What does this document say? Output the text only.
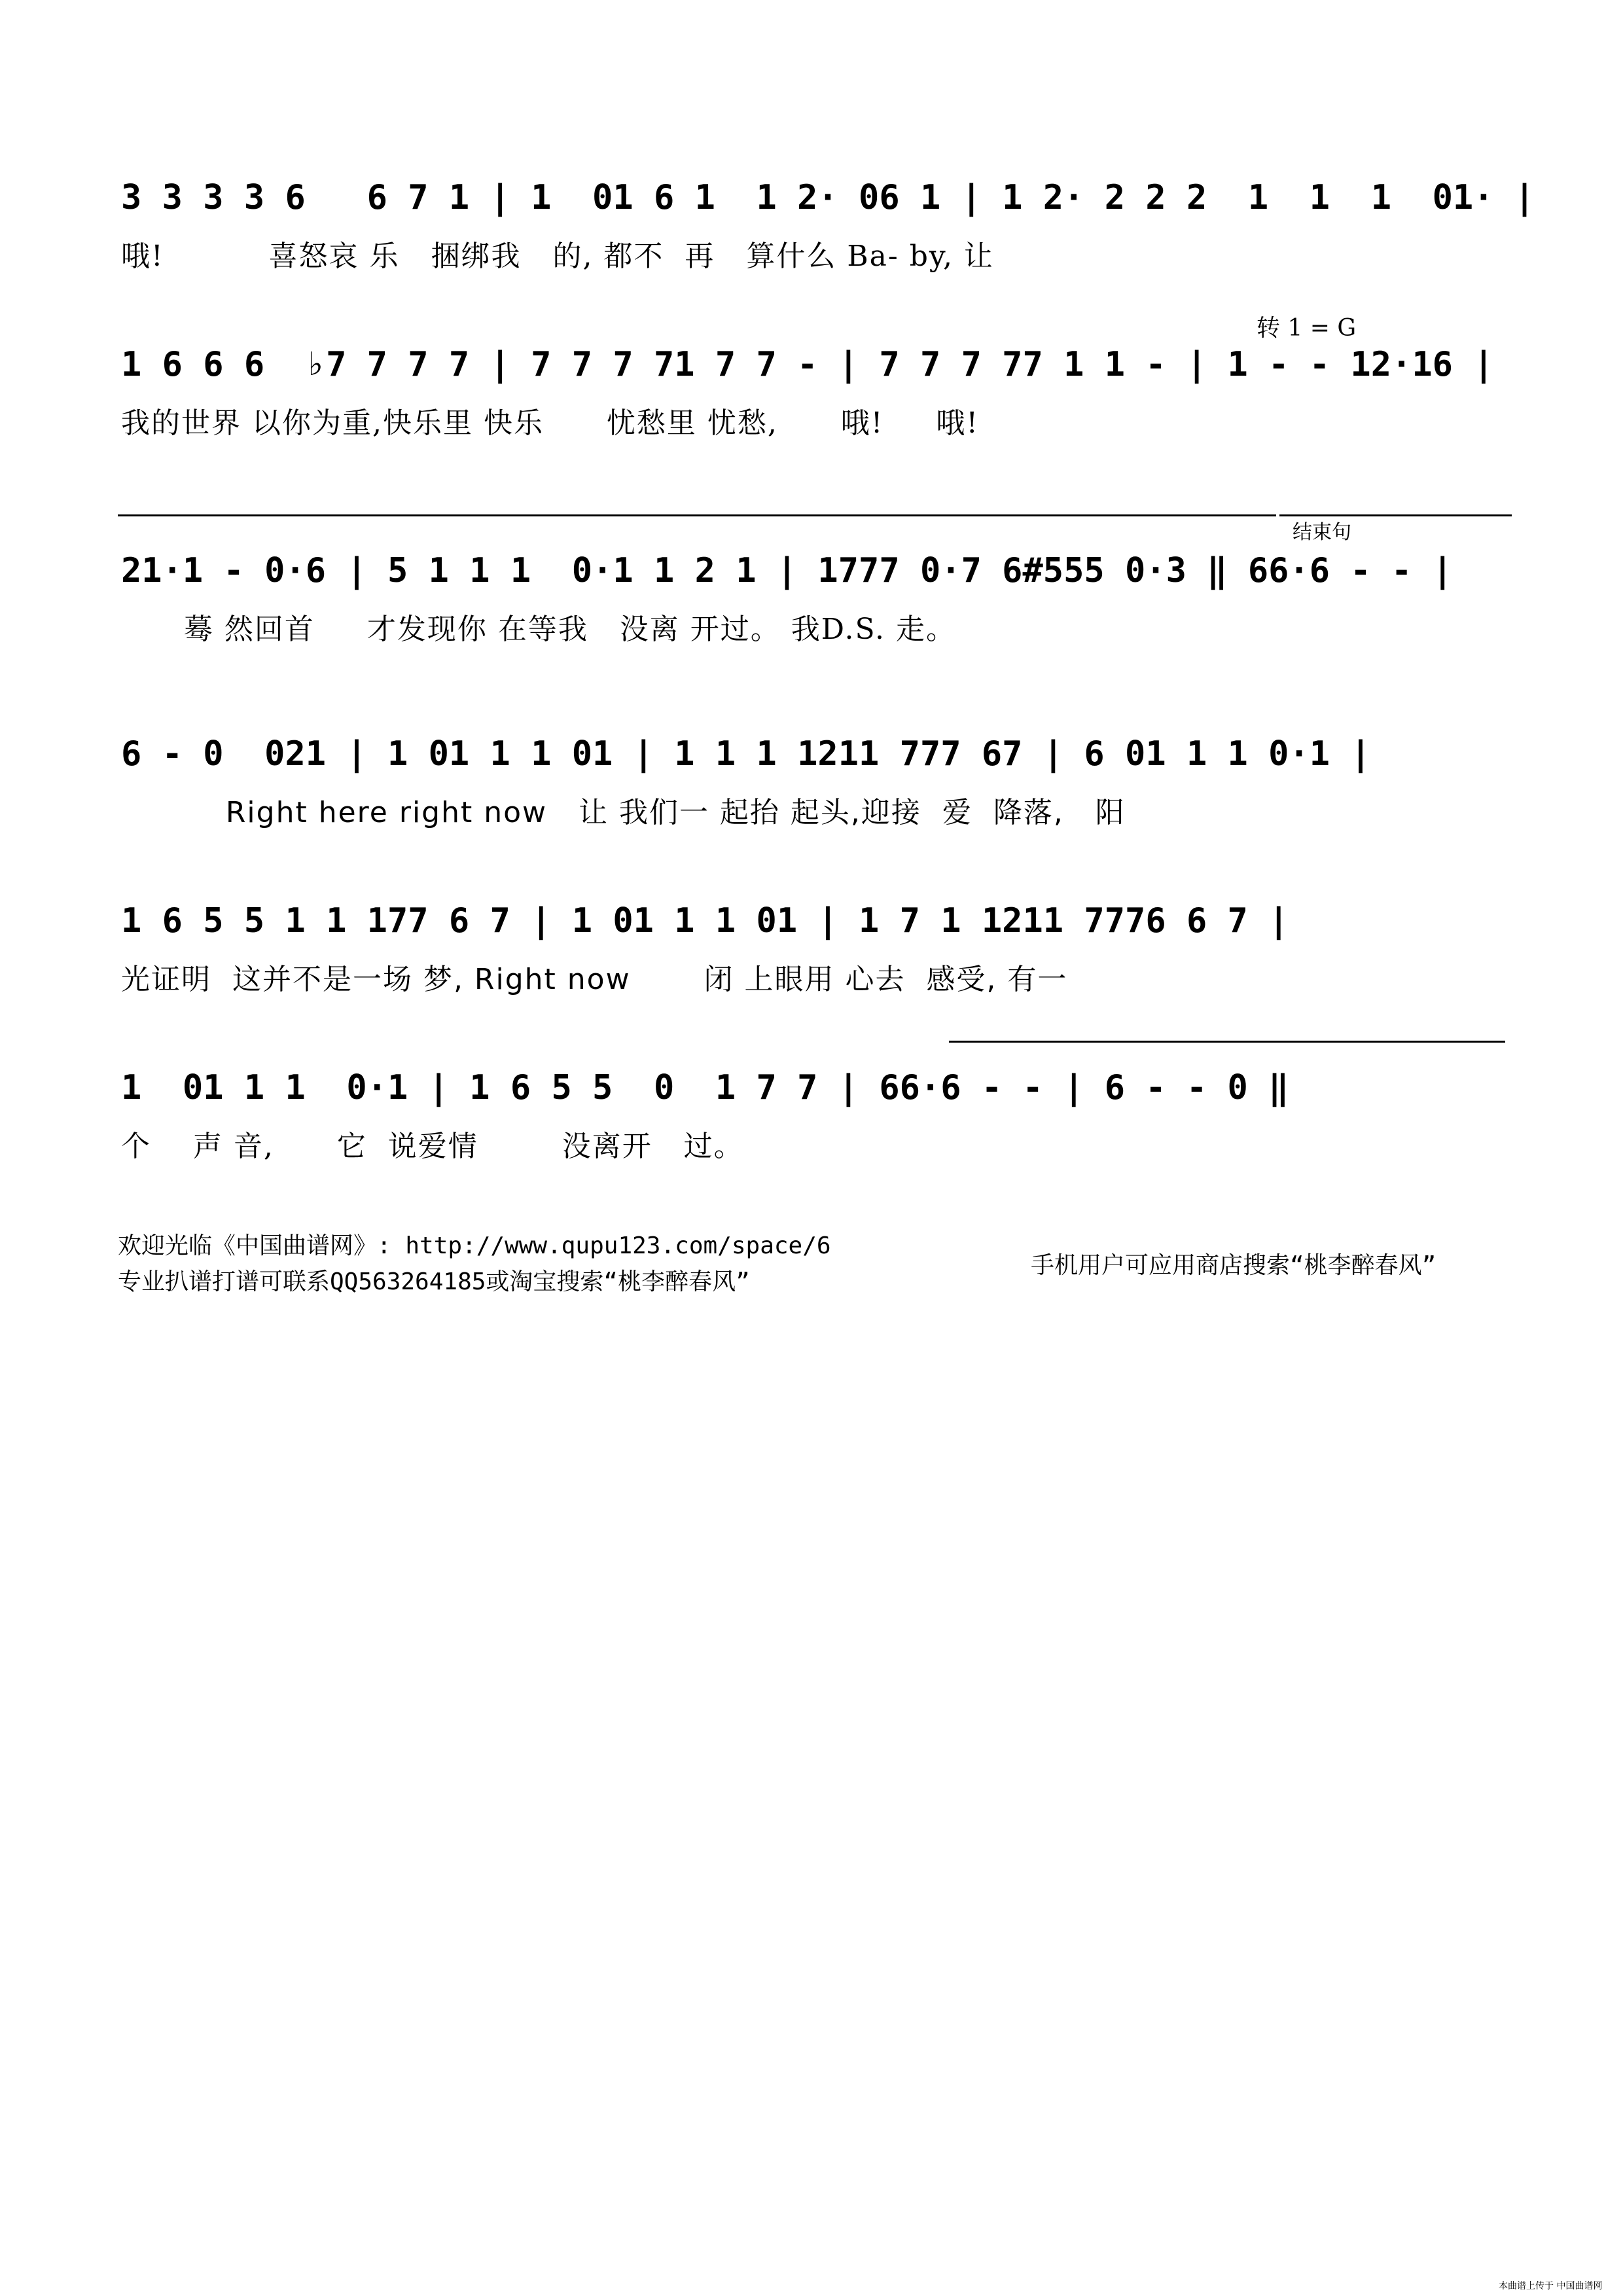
3 3 3 3 6   6 7 1 | 1  01 6 1  1 2· 06 1 | 1 2· 2 2 2  1  1  1  01· |
哦!          喜怒哀 乐   捆绑我   的, 都不  再   算什么 Ba- by, 让
转 1 = G
1 6 6 6  ♭7 7 7 7 | 7 7 7 71 7 7 - | 7 7 7 77 1 1 - | 1 - - 12·16 |
我的世界 以你为重,快乐里 快乐      忧愁里 忧愁,      哦!     哦!
结束句
21·1 - 0·6 | 5 1 1 1  0·1 1 2 1 | 1777 0·7 6#555 0·3 ‖ 66·6 - - |
蓦 然回首     才发现你 在等我   没离 开过。 我D.S. 走。
6 - 0  021 | 1 01 1 1 01 | 1 1 1 1211 777 67 | 6 01 1 1 0·1 |
Right here right now   让 我们一 起抬 起头,迎接  爱  降落,   阳
1 6 5 5 1 1 177 6 7 | 1 01 1 1 01 | 1 7 1 1211 7776 6 7 |
光证明  这并不是一场 梦, Right now       闭 上眼用 心去  感受, 有一
1  01 1 1  0·1 | 1 6 5 5  0  1 7 7 | 66·6 - - | 6 - - 0 ‖
个    声 音,      它  说爱情        没离开   过。
欢迎光临《中国曲谱网》: http://www.qupu123.com/space/6
专业扒谱打谱可联系QQ563264185或淘宝搜索“桃李醉春风”
手机用户可应用商店搜索“桃李醉春风”
本曲谱上传于 中国曲谱网
